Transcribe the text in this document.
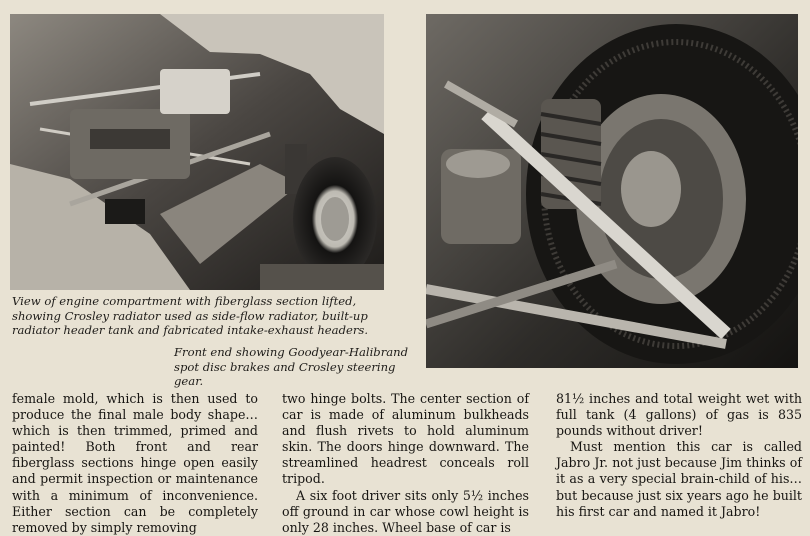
View of engine compartment with fiberglass section lifted, showing Crosley radiator used as side-flow radiator, built-up radiator header tank and fabricated intake-exhaust headers.
Front end showing Goodyear-Halibrand spot disc brakes and Crosley steering gear.

female mold, which is then used to produce the final male body shape…which is then trimmed, primed and painted! Both front and rear fiberglass sections hinge open easily and permit inspection or maintenance with a minimum of inconvenience. Either section can be completely removed by simply removing

two hinge bolts. The center section of car is made of aluminum bulkheads and flush rivets to hold aluminum skin. The doors hinge downward. The streamlined headrest conceals roll tripod.

A six foot driver sits only 5½ inches off ground in car whose cowl height is only 28 inches. Wheel base of car is

81½ inches and total weight wet with full tank (4 gallons) of gas is 835 pounds without driver!

Must mention this car is called Jabro Jr. not just because Jim thinks of it as a very special brain-child of his…but because just six years ago he built his first car and named it Jabro!
